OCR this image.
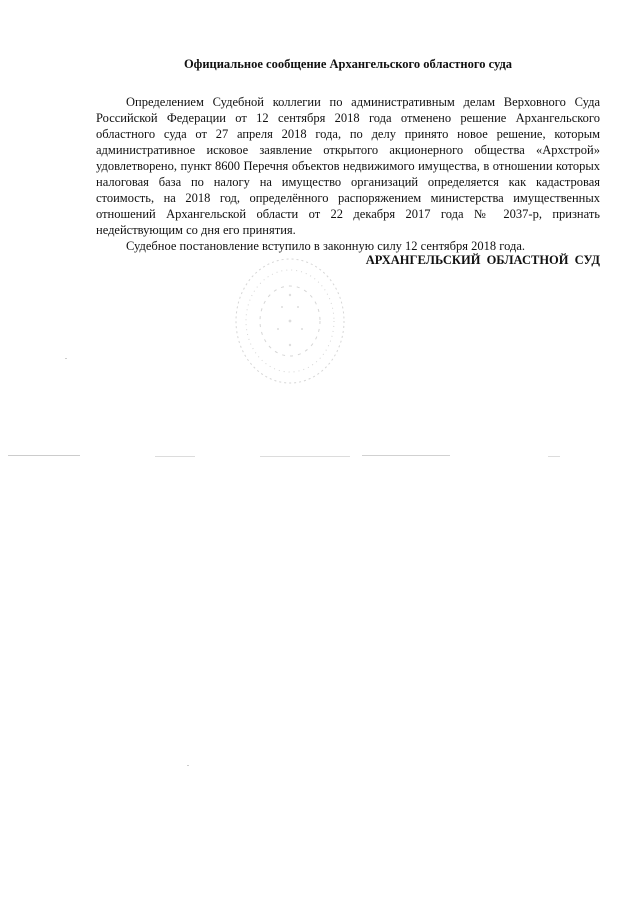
Официальное сообщение Архангельского областного суда

Определением Судебной коллегии по административным делам Верховного Суда Российской Федерации от 12 сентября 2018 года отменено решение Архангельского областного суда от 27 апреля 2018 года, по делу принято новое решение, которым административное исковое заявление открытого акционерного общества «Архстрой» удовлетворено, пункт 8600 Перечня объектов недвижимого имущества, в отношении которых налоговая база по налогу на имущество организаций определяется как кадастровая стоимость, на 2018 год, определённого распоряжением министерства имущественных отношений Архангельской области от 22 декабря 2017 года № 2037-р, признать недействующим со дня его принятия.

Судебное постановление вступило в законную силу 12 сентября 2018 года.

АРХАНГЕЛЬСКИЙ ОБЛАСТНОЙ СУД
